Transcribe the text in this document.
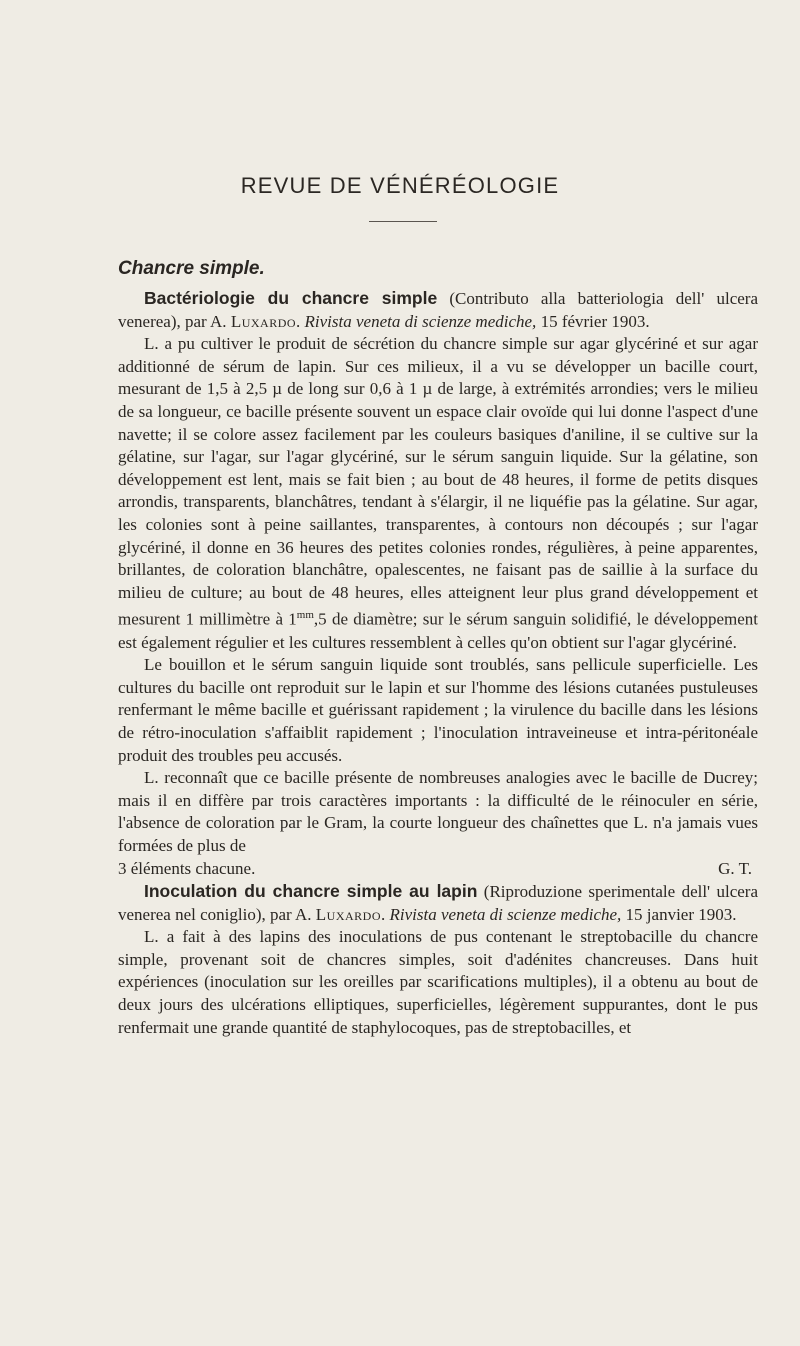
REVUE DE VÉNÉRÉOLOGIE
Chancre simple.

Bactériologie du chancre simple (Contributo alla batteriologia dell' ulcera venerea), par A. Luxardo. Rivista veneta di scienze mediche, 15 février 1903.

L. a pu cultiver le produit de sécrétion du chancre simple sur agar glycériné et sur agar additionné de sérum de lapin. Sur ces milieux, il a vu se développer un bacille court, mesurant de 1,5 à 2,5 µ de long sur 0,6 à 1 µ de large, à extrémités arrondies; vers le milieu de sa longueur, ce bacille présente souvent un espace clair ovoïde qui lui donne l'aspect d'une navette; il se colore assez facilement par les couleurs basiques d'aniline, il se cultive sur la gélatine, sur l'agar, sur l'agar glycériné, sur le sérum sanguin liquide. Sur la gélatine, son développement est lent, mais se fait bien ; au bout de 48 heures, il forme de petits disques arrondis, transparents, blanchâtres, tendant à s'élargir, il ne liquéfie pas la gélatine. Sur agar, les colonies sont à peine saillantes, transparentes, à contours non découpés ; sur l'agar glycériné, il donne en 36 heures des petites colonies rondes, régulières, à peine apparentes, brillantes, de coloration blanchâtre, opalescentes, ne faisant pas de saillie à la surface du milieu de culture; au bout de 48 heures, elles atteignent leur plus grand développement et mesurent 1 millimètre à $1^{mm},5$ de diamètre; sur le sérum sanguin solidifié, le développement est également régulier et les cultures ressemblent à celles qu'on obtient sur l'agar glycériné.

Le bouillon et le sérum sanguin liquide sont troublés, sans pellicule superficielle. Les cultures du bacille ont reproduit sur le lapin et sur l'homme des lésions cutanées pustuleuses renfermant le même bacille et guérissant rapidement ; la virulence du bacille dans les lésions de rétro-inoculation s'affaiblit rapidement ; l'inoculation intraveineuse et intra-péritonéale produit des troubles peu accusés.

L. reconnaît que ce bacille présente de nombreuses analogies avec le bacille de Ducrey; mais il en diffère par trois caractères importants : la difficulté de le réinoculer en série, l'absence de coloration par le Gram, la courte longueur des chaînettes que L. n'a jamais vues formées de plus de

3 éléments chacune.	G. T.

Inoculation du chancre simple au lapin (Riproduzione sperimentale dell' ulcera venerea nel coniglio), par A. Luxardo. Rivista veneta di scienze mediche, 15 janvier 1903.

L. a fait à des lapins des inoculations de pus contenant le streptobacille du chancre simple, provenant soit de chancres simples, soit d'adénites chancreuses. Dans huit expériences (inoculation sur les oreilles par scarifications multiples), il a obtenu au bout de deux jours des ulcérations elliptiques, superficielles, légèrement suppurantes, dont le pus renfermait une grande quantité de staphylocoques, pas de streptobacilles, et
